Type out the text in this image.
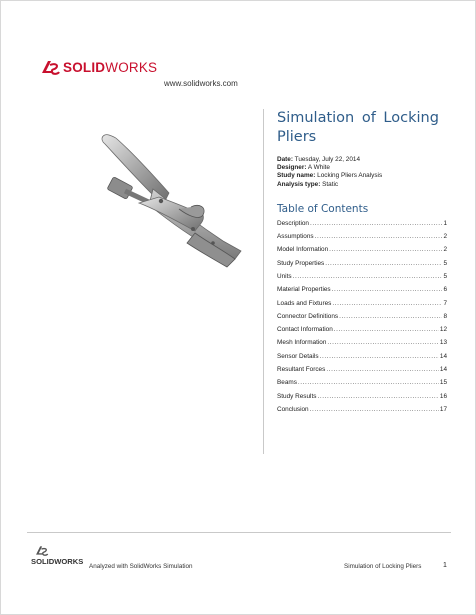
SOLIDWORKS
www.solidworks.com
Simulation of Locking Pliers
Date: Tuesday, July 22, 2014
Designer: A White
Study name: Locking Pliers Analysis
Analysis type: Static
Table of Contents
Description .....	1
Assumptions .....	2
Model Information .....	2
Study Properties .....	5
Units .....	5
Material Properties .....	6
Loads and Fixtures .....	7
Connector Definitions .....	8
Contact Information .....	12
Mesh Information .....	13
Sensor Details .....	14
Resultant Forces .....	14
Beams .....	15
Study Results .....	16
Conclusion .....	17
SOLIDWORKS
Analyzed with SolidWorks Simulation	Simulation of Locking Pliers	1
